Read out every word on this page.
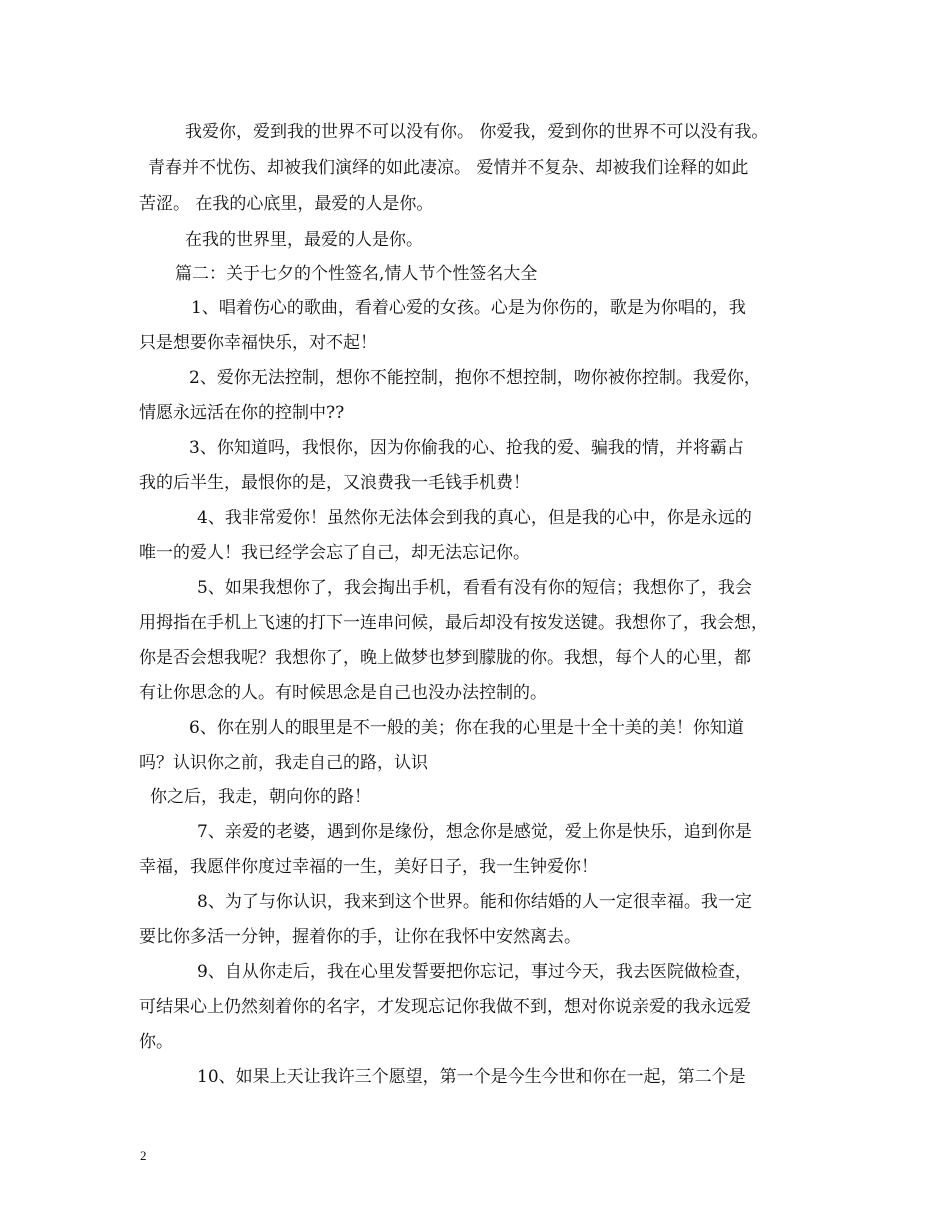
我爱你，爱到我的世界不可以没有你。 你爱我，爱到你的世界不可以没有我。
青春并不忧伤、却被我们演绎的如此凄凉。 爱情并不复杂、却被我们诠释的如此
苦涩。 在我的心底里，最爱的人是你。
在我的世界里，最爱的人是你。
篇二：关于七夕的个性签名,情人节个性签名大全
1、唱着伤心的歌曲，看着心爱的女孩。心是为你伤的，歌是为你唱的，我
只是想要你幸福快乐，对不起！
2、爱你无法控制，想你不能控制，抱你不想控制，吻你被你控制。我爱你，
情愿永远活在你的控制中??
3、你知道吗，我恨你，因为你偷我的心、抢我的爱、骗我的情，并将霸占
我的后半生，最恨你的是，又浪费我一毛钱手机费！
4、我非常爱你！虽然你无法体会到我的真心，但是我的心中，你是永远的
唯一的爱人！我已经学会忘了自己，却无法忘记你。
5、如果我想你了，我会掏出手机，看看有没有你的短信；我想你了，我会
用拇指在手机上飞速的打下一连串问候，最后却没有按发送键。我想你了，我会想，
你是否会想我呢？我想你了，晚上做梦也梦到朦胧的你。我想，每个人的心里，都
有让你思念的人。有时候思念是自己也没办法控制的。
6、你在别人的眼里是不一般的美；你在我的心里是十全十美的美！你知道
吗？认识你之前，我走自己的路，认识
你之后，我走，朝向你的路！
7、亲爱的老婆，遇到你是缘份，想念你是感觉，爱上你是快乐，追到你是
幸福，我愿伴你度过幸福的一生，美好日子，我一生钟爱你！
8、为了与你认识，我来到这个世界。能和你结婚的人一定很幸福。我一定
要比你多活一分钟，握着你的手，让你在我怀中安然离去。
9、自从你走后，我在心里发誓要把你忘记，事过今天，我去医院做检查，
可结果心上仍然刻着你的名字，才发现忘记你我做不到，想对你说亲爱的我永远爱
你。
10、如果上天让我许三个愿望，第一个是今生今世和你在一起，第二个是
2
